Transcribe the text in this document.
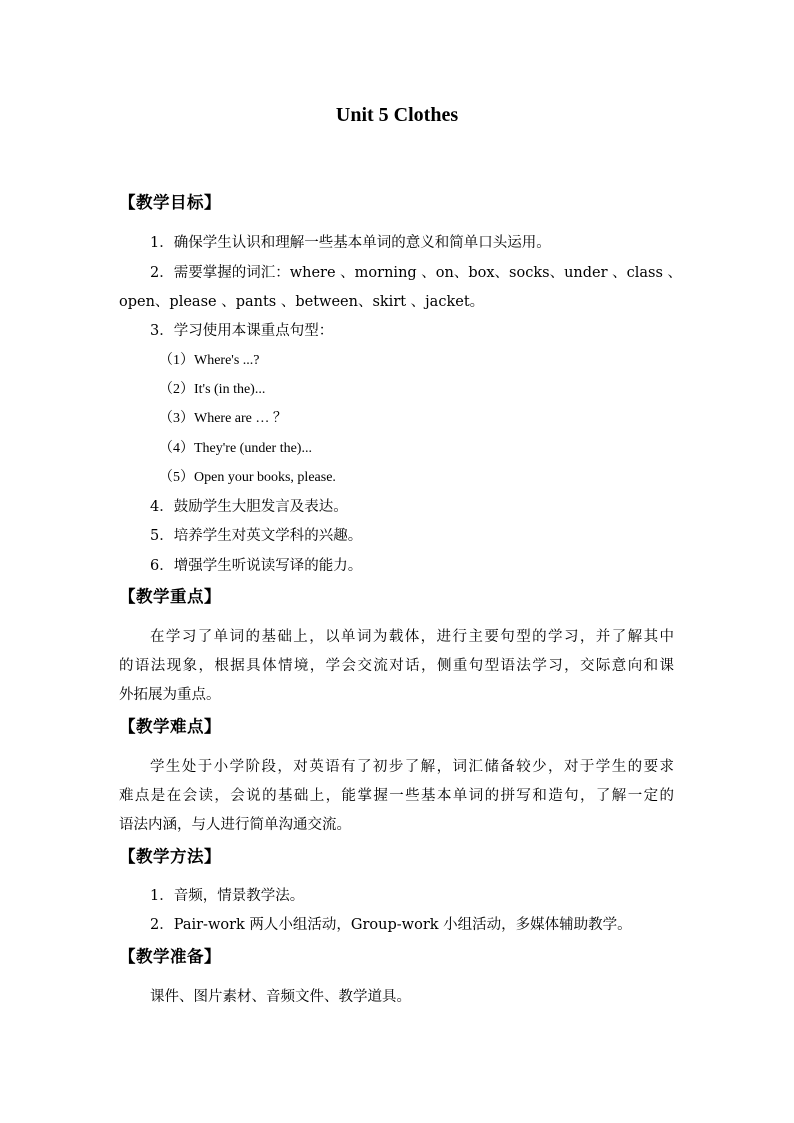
Unit 5 Clothes
【教学目标】
1．确保学生认识和理解一些基本单词的意义和简单口头运用。
2．需要掌握的词汇：where 、morning 、on、box、socks、under 、class 、
open、please 、pants 、between、skirt 、jacket。
3．学习使用本课重点句型：
（1）Where's ...?
（2）It's (in the)...
（3）Where are … ？
（4）They're (under the)...
（5）Open your books, please.
4．鼓励学生大胆发言及表达。
5．培养学生对英文学科的兴趣。
6．增强学生听说读写译的能力。
【教学重点】
在学习了单词的基础上，以单词为载体，进行主要句型的学习，并了解其中
的语法现象，根据具体情境，学会交流对话，侧重句型语法学习，交际意向和课
外拓展为重点。
【教学难点】
学生处于小学阶段，对英语有了初步了解，词汇储备较少，对于学生的要求
难点是在会读，会说的基础上，能掌握一些基本单词的拼写和造句，了解一定的
语法内涵，与人进行简单沟通交流。
【教学方法】
1．音频，情景教学法。
2．Pair-work 两人小组活动，Group-work 小组活动，多媒体辅助教学。
【教学准备】
课件、图片素材、音频文件、教学道具。
